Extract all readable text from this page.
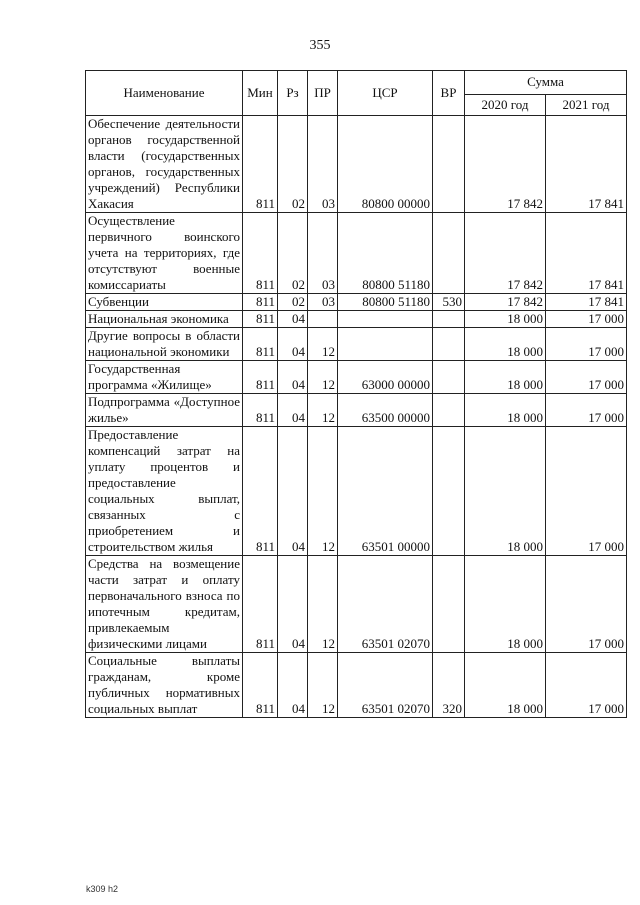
355
Наименование	Мин	Рз	ПР	ЦСР	ВР	Сумма	
						2020 год	2021 год
Обеспечение деятельности органов государственной власти (государственных органов, государственных учреждений) Республики Хакасия	811	02	03	80800 00000		17 842	17 841
Осуществление первичного воинского учета на территориях, где отсутствуют военные комиссариаты	811	02	03	80800 51180		17 842	17 841
Субвенции	811	02	03	80800 51180	530	17 842	17 841
Национальная экономика	811	04				18 000	17 000
Другие вопросы в области национальной экономики	811	04	12			18 000	17 000
Государственная программа «Жилище»	811	04	12	63000 00000		18 000	17 000
Подпрограмма «Доступное жилье»	811	04	12	63500 00000		18 000	17 000
Предоставление компенсаций затрат на уплату процентов и предоставление социальных выплат, связанных с приобретением и строительством жилья	811	04	12	63501 00000		18 000	17 000
Средства на возмещение части затрат и оплату первоначального взноса по ипотечным кредитам, привлекаемым физическими лицами	811	04	12	63501 02070		18 000	17 000
Социальные выплаты гражданам, кроме публичных нормативных социальных выплат	811	04	12	63501 02070	320	18 000	17 000
k309 h2
